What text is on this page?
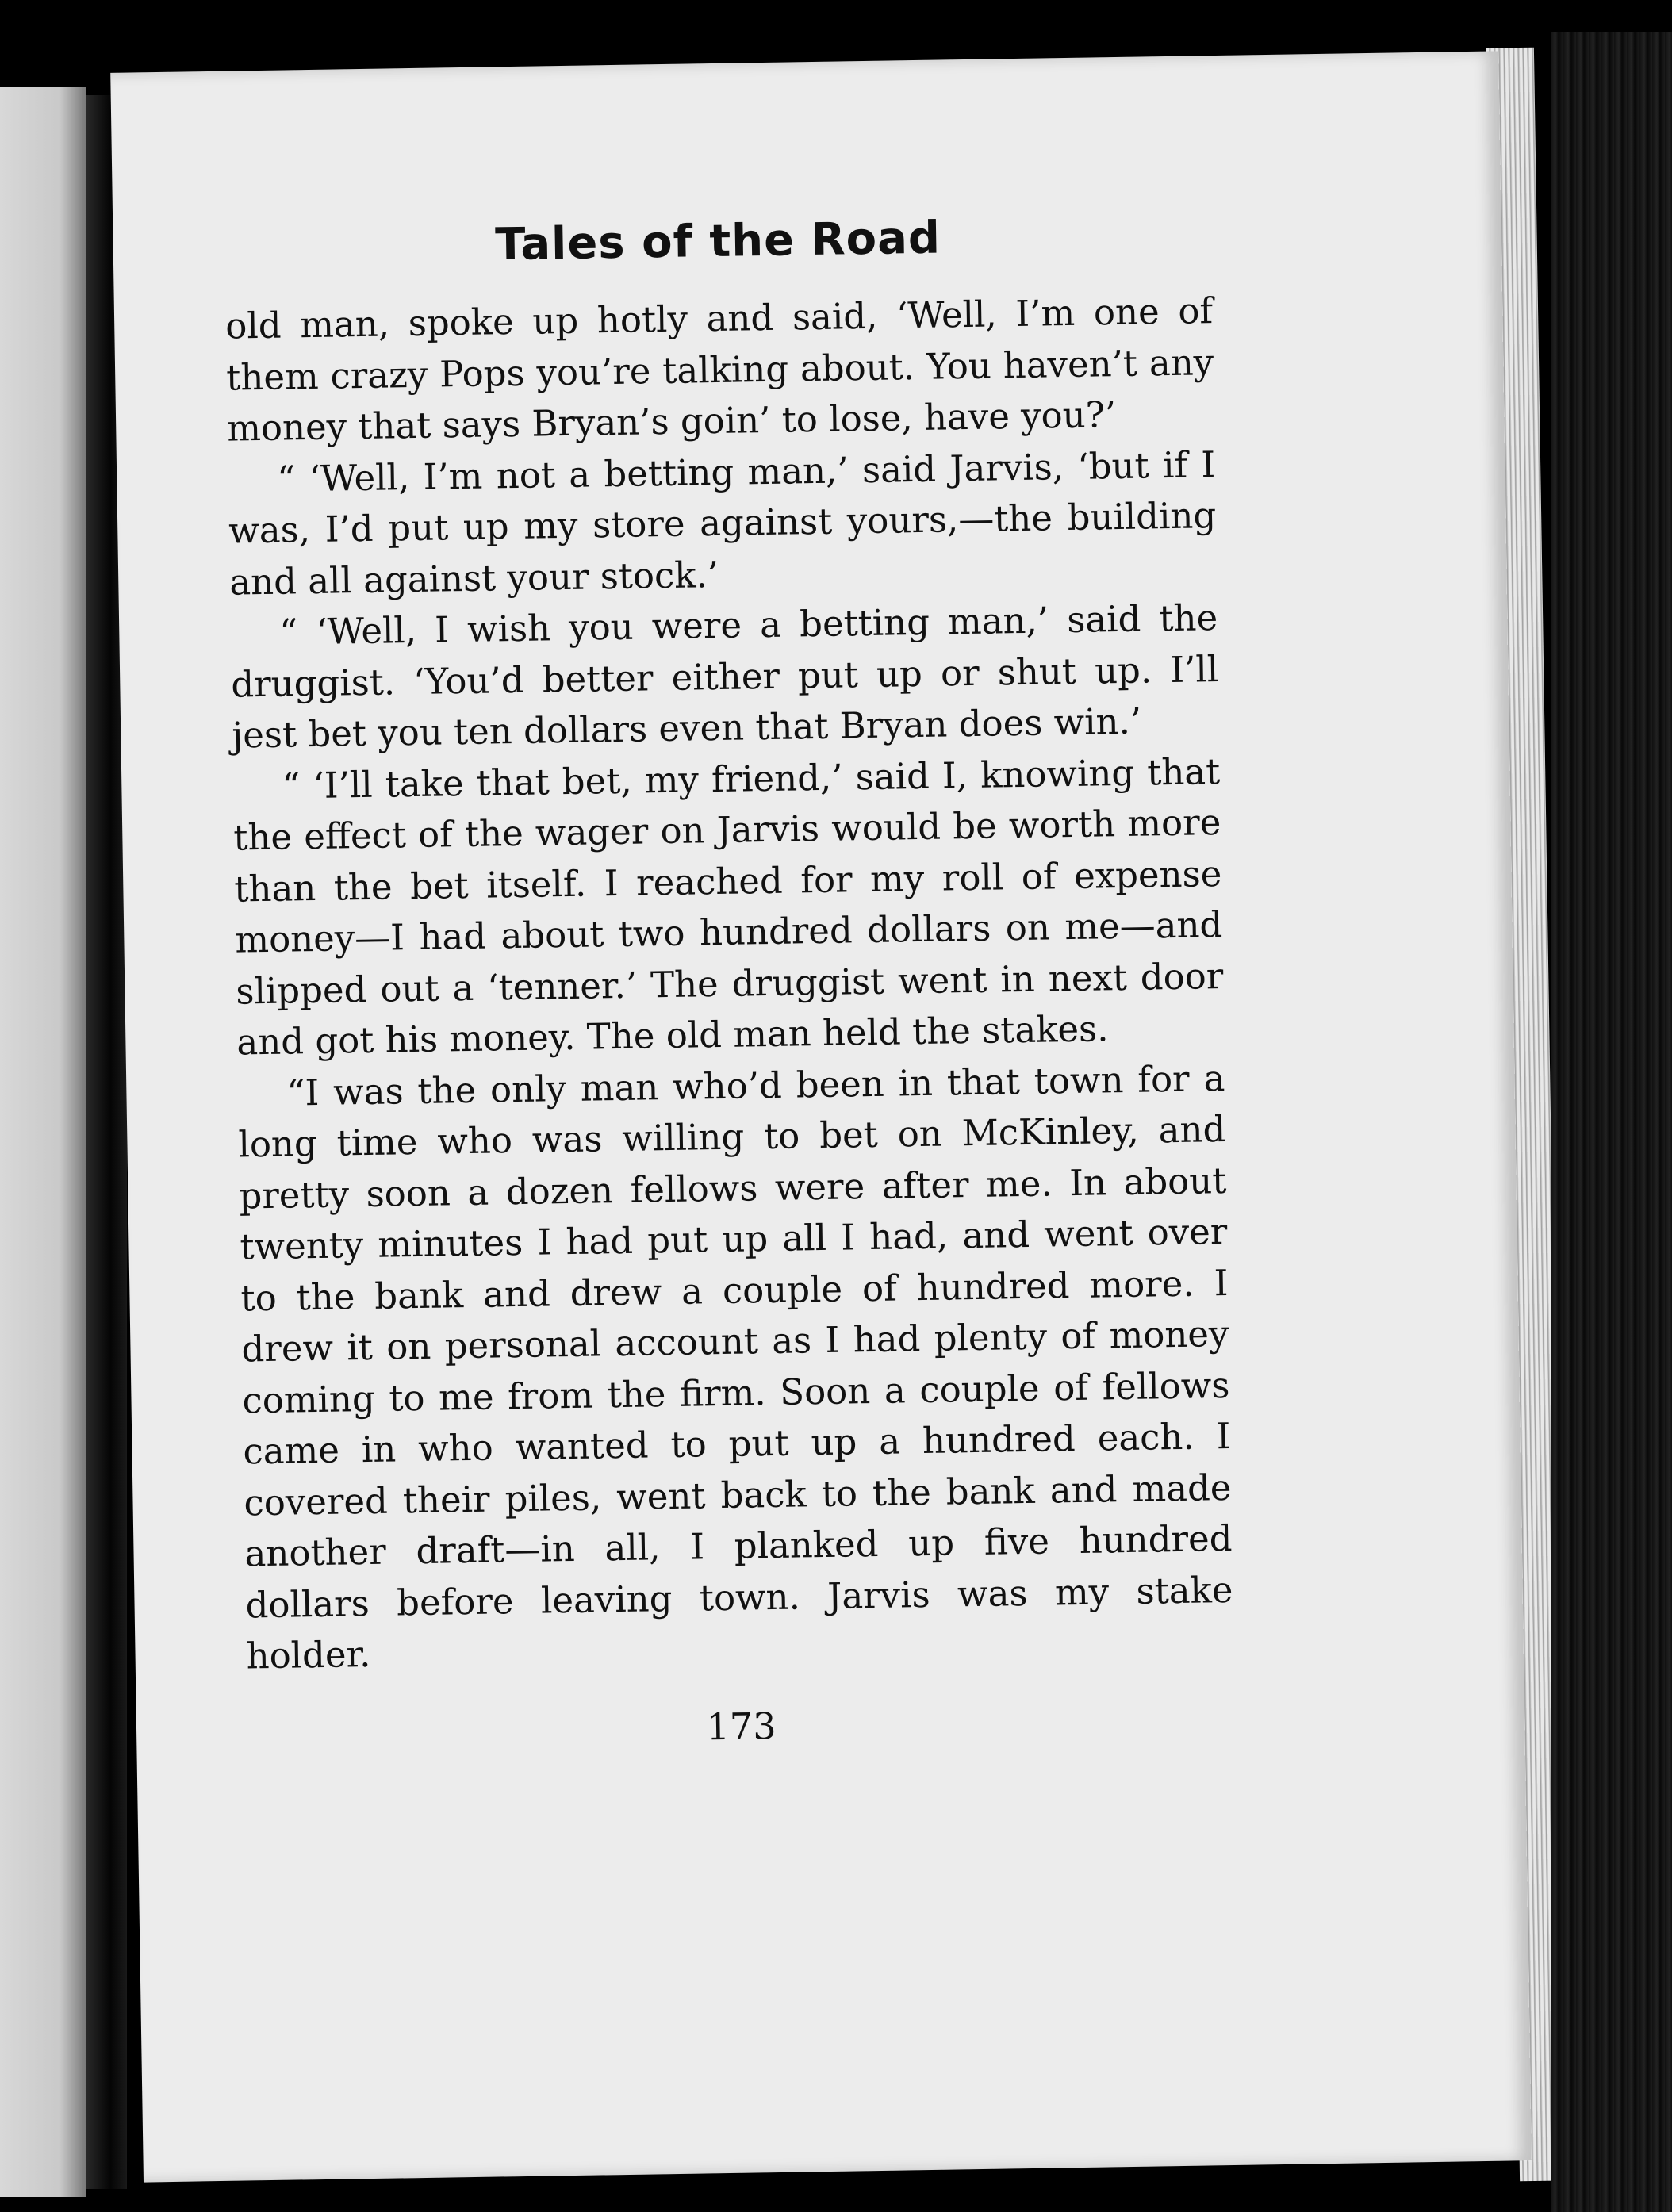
Tales of the Road

old man, spoke up hotly and said, ‘Well, I’m one of them crazy Pops you’re talking about. You haven’t any money that says Bryan’s goin’ to lose, have you?’

“ ‘Well, I’m not a betting man,’ said Jarvis, ‘but if I was, I’d put up my store against yours,—the building and all against your stock.’

“ ‘Well, I wish you were a betting man,’ said the druggist. ‘You’d better either put up or shut up. I’ll jest bet you ten dollars even that Bryan does win.’

“ ‘I’ll take that bet, my friend,’ said I, knowing that the effect of the wager on Jarvis would be worth more than the bet itself. I reached for my roll of expense money—I had about two hundred dollars on me—and slipped out a ‘tenner.’ The druggist went in next door and got his money. The old man held the stakes.

“I was the only man who’d been in that town for a long time who was willing to bet on McKinley, and pretty soon a dozen fellows were after me. In about twenty minutes I had put up all I had, and went over to the bank and drew a couple of hundred more. I drew it on personal account as I had plenty of money coming to me from the firm. Soon a couple of fellows came in who wanted to put up a hundred each. I covered their piles, went back to the bank and made another draft—in all, I planked up five hundred dollars before leaving town. Jarvis was my stake holder.

173
